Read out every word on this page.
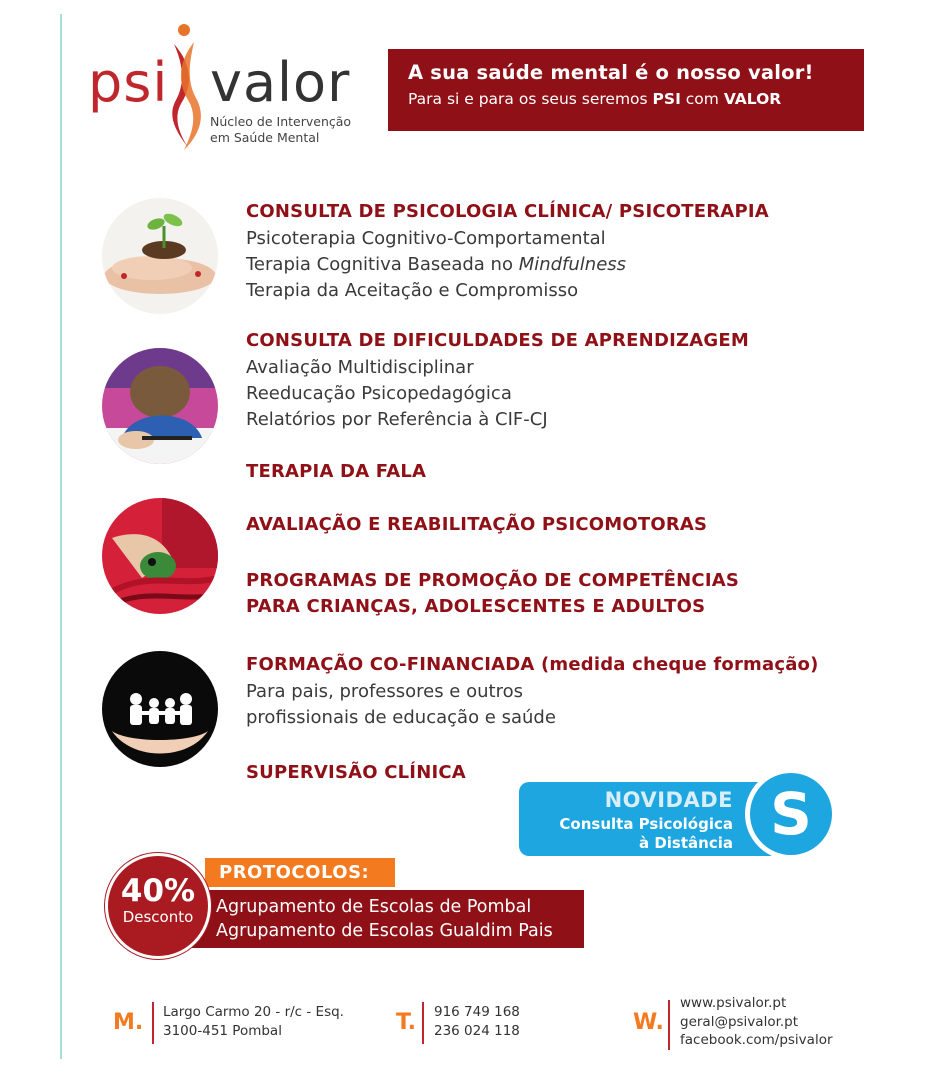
psi valor
Núcleo de Intervenção
em Saúde Mental
A sua saúde mental é o nosso valor!
Para si e para os seus seremos PSI com VALOR
CONSULTA DE PSICOLOGIA CLÍNICA/ PSICOTERAPIA
Psicoterapia Cognitivo-Comportamental
Terapia Cognitiva Baseada no Mindfulness
Terapia da Aceitação e Compromisso
CONSULTA DE DIFICULDADES DE APRENDIZAGEM
Avaliação Multidisciplinar
Reeducação Psicopedagógica
Relatórios por Referência à CIF-CJ
TERAPIA DA FALA
AVALIAÇÃO E REABILITAÇÃO PSICOMOTORAS
PROGRAMAS DE PROMOÇÃO DE COMPETÊNCIAS
PARA CRIANÇAS, ADOLESCENTES E ADULTOS
FORMAÇÃO CO-FINANCIADA (medida cheque formação)
Para pais, professores e outros
profissionais de educação e saúde
SUPERVISÃO CLÍNICA
NOVIDADE
Consulta Psicológica
à Distância S
PROTOCOLOS:
Agrupamento de Escolas de Pombal
Agrupamento de Escolas Gualdim Pais
40%
Desconto
M. Largo Carmo 20 - r/c - Esq.
3100-451 Pombal	T. 916 749 168
236 024 118	W.
www.psivalor.pt
geral@psivalor.pt
facebook.com/psivalor
